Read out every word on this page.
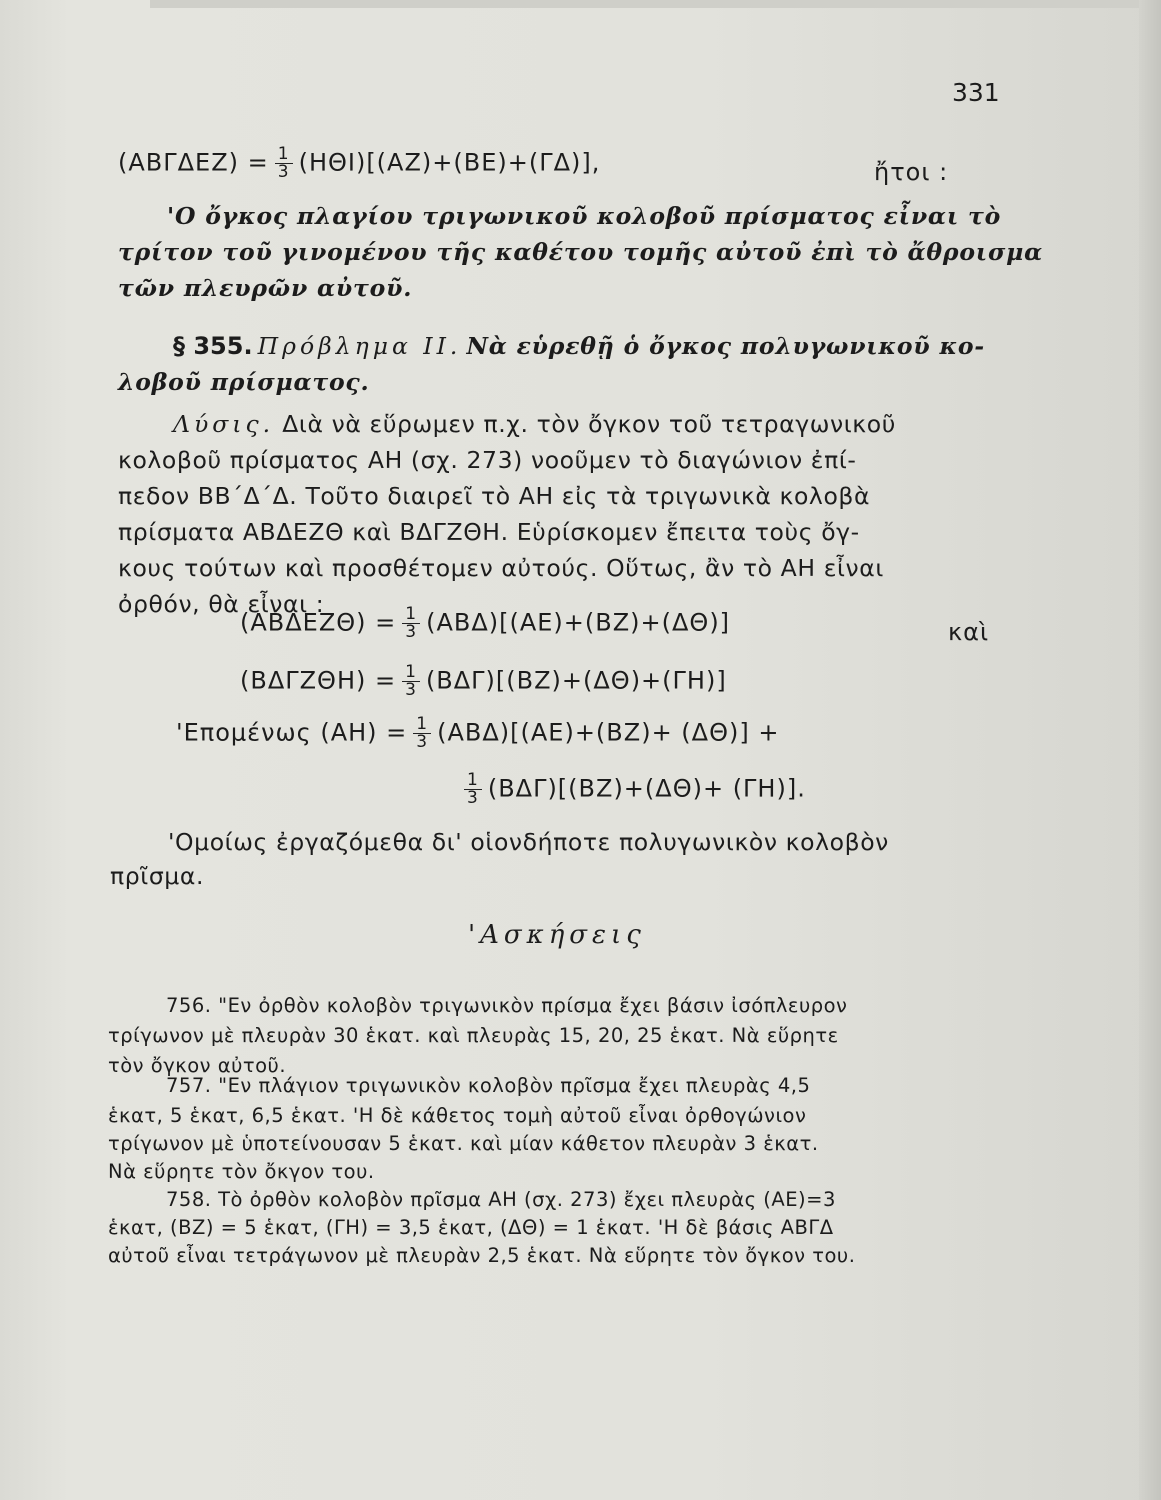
331
$(AB\Gamma\Delta EZ) = \frac{1}{3} (H\Theta I)[(AZ)+(BE)+(\Gamma\Delta)]$,	ἤτοι :
'Ο ὄγκος πλαγίου τριγωνικοῦ κολοβοῦ πρίσματος εἶναι τὸ
τρίτον τοῦ γινομένου τῆς καθέτου τομῆς αὐτοῦ ἐπὶ τὸ ἄθροισμα
τῶν πλευρῶν αὐτοῦ.
§ 355. Πρόβλημα II. Νὰ εὑρεθῇ ὁ ὄγκος πολυγωνικοῦ κο-
λοβοῦ πρίσματος.
Λύσις. Διὰ νὰ εὕρωμεν π.χ. τὸν ὄγκον τοῦ τετραγωνικοῦ
κολοβοῦ πρίσματος ΑΗ (σχ. 273) νοοῦμεν τὸ διαγώνιον ἐπί-
πεδον ΒΒ΄Δ΄Δ. Τοῦτο διαιρεῖ τὸ ΑΗ εἰς τὰ τριγωνικὰ κολοβὰ
πρίσματα ΑΒΔΕΖΘ καὶ ΒΔΓΖΘΗ. Εὑρίσκομεν ἔπειτα τοὺς ὄγ-
κους τούτων καὶ προσθέτομεν αὐτούς. Οὕτως, ἂν τὸ ΑΗ εἶναι
ὀρθόν, θὰ εἶναι :
$(AB\Delta EZ\Theta) = \frac{1}{3} (AB\Delta)[(AE)+(BZ)+(\Delta\Theta)]$	καὶ
$(B\Delta\Gamma Z\Theta H) = \frac{1}{3} (B\Delta\Gamma)[(BZ)+(\Delta\Theta)+(\Gamma H)]$
'Επομένως $(AH) = \frac{1}{3} (AB\Delta)[(AE)+(BZ)+ (\Delta\Theta)]$ +
$\frac{1}{3} (B\Delta\Gamma)[(BZ)+(\Delta\Theta)+ (\Gamma H)]$.
'Ομοίως ἐργαζόμεθα δι' οἱονδήποτε πολυγωνικὸν κολοβὸν
πρῖσμα.
'Ασκήσεις
756. "Εν ὀρθὸν κολοβὸν τριγωνικὸν πρίσμα ἔχει βάσιν ἰσόπλευρον
τρίγωνον μὲ πλευρὰν 30 ἑκατ. καὶ πλευρὰς 15, 20, 25 ἑκατ. Νὰ εὕρητε
τὸν ὄγκον αὐτοῦ.
757. "Εν πλάγιον τριγωνικὸν κολοβὸν πρῖσμα ἔχει πλευρὰς 4,5
ἑκατ, 5 ἑκατ, 6,5 ἑκατ. 'Η δὲ κάθετος τομὴ αὐτοῦ εἶναι ὀρθογώνιον
τρίγωνον μὲ ὑποτείνουσαν 5 ἑκατ. καὶ μίαν κάθετον πλευρὰν 3 ἑκατ.
Νὰ εὕρητε τὸν ὄκγον του.
758. Τὸ ὀρθὸν κολοβὸν πρῖσμα ΑΗ (σχ. 273) ἔχει πλευρὰς (ΑΕ)=3
ἑκατ, (ΒΖ) = 5 ἑκατ, (ΓΗ) = 3,5 ἑκατ, (ΔΘ) = 1 ἑκατ. 'Η δὲ βάσις ΑΒΓΔ
αὐτοῦ εἶναι τετράγωνον μὲ πλευρὰν 2,5 ἑκατ. Νὰ εὕρητε τὸν ὄγκον του.
